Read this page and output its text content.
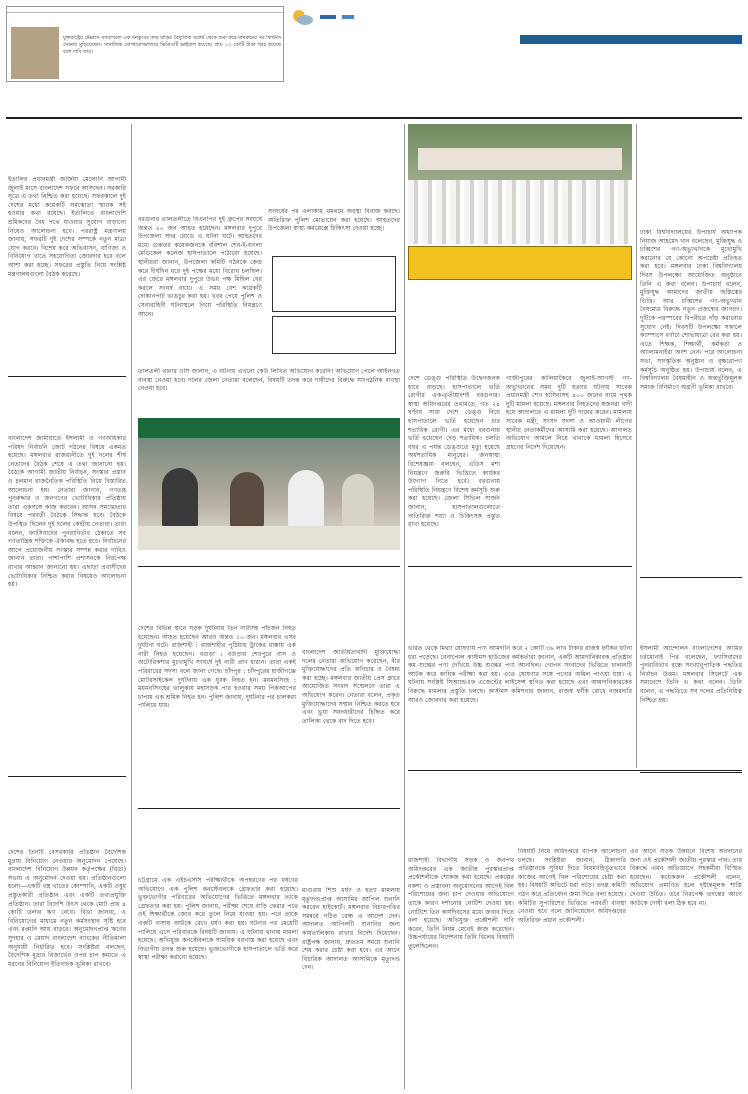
যুক্তরাষ্ট্রের টেক্সাসে বসবাসরত এক ধনকুবের তার বাড়ির বৈদ্যুতিক সকেট থেকে শুরু করে বাথরুমের সব ফিটিংস সোনায় মুড়িয়েছেন। সামাজিক যোগাযোগমাধ্যমে ভিডিওটি ভাইরাল হয়েছে। প্রায় ১২ কোটি টাকা খরচ হয়েছে বলে দাবি তার।
ইতালির প্রধানমন্ত্রী জর্জিয়া মেলোনি আগামী জুলাই মাসে বাংলাদেশ সফরে আসছেন। সরকারি সূত্রে এ তথ্য নিশ্চিত করা হয়েছে। সফরকালে দুই দেশের মধ্যে কয়েকটি সমঝোতা স্মারক সই হওয়ার কথা রয়েছে। ইতালিতে বাংলাদেশি শ্রমিকদের বৈধ পথে যাওয়ার সুযোগ বাড়ানো নিয়েও আলোচনা হবে। পররাষ্ট্র মন্ত্রণালয় জানায়, সফরটি দুই দেশের সম্পর্কে নতুন মাত্রা যোগ করবে। বিশেষ করে অভিবাসন, বাণিজ্য ও বিনিয়োগ খাতে সহযোগিতা জোরদার হবে বলে আশা করা হচ্ছে। সফরের প্রস্তুতি নিয়ে সংশ্লিষ্ট মন্ত্রণালয়গুলো বৈঠক করেছে।
বাংলাদেশ জামায়াতে ইসলামী ও গণঅধিকার পরিষদ নির্বাচনি জোট গঠনের বিষয়ে একমত হয়েছে। মঙ্গলবার রাজধানীতে দুই দলের শীর্ষ নেতাদের বৈঠক শেষে এ তথ্য জানানো হয়। বৈঠকে আগামী জাতীয় নির্বাচন, সংস্কার প্রস্তাব ও চলমান রাজনৈতিক পরিস্থিতি নিয়ে বিস্তারিত আলোচনা হয়। নেতারা জানান, গণতন্ত্র পুনরুদ্ধার ও জনগণের ভোটাধিকার প্রতিষ্ঠায় তারা একসঙ্গে কাজ করবেন। আসন সমঝোতার বিষয়ে পরবর্তী বৈঠকে সিদ্ধান্ত হবে। বৈঠকে উপস্থিত ছিলেন দুই দলের কেন্দ্রীয় নেতারা। তারা বলেন, ফ্যাসিবাদের পুনরাবির্ভাব ঠেকাতে সব গণতান্ত্রিক শক্তিকে ঐক্যবদ্ধ হতে হবে। নির্বাচনের আগে প্রয়োজনীয় সংস্কার সম্পন্ন করার দাবিও জানান তারা। পাশাপাশি প্রশাসনকে নিরপেক্ষ রাখার আহ্বান জানানো হয়। এছাড়া প্রবাসীদের ভোটাধিকার নিশ্চিত করার বিষয়েও আলোচনা হয়।
দেশের তিনটি বেসরকারি প্রতিষ্ঠান বৈদেশিক মুদ্রায় বিনিয়োগ নেওয়ার অনুমোদন পেয়েছে। বাংলাদেশ বিনিয়োগ উন্নয়ন কর্তৃপক্ষের (বিডা) সভায় এ অনুমোদন দেওয়া হয়। প্রতিষ্ঠানগুলো হলো—একটি বস্ত্র খাতের কোম্পানি, একটি ওষুধ প্রস্তুতকারী প্রতিষ্ঠান এবং একটি তথ্যপ্রযুক্তি প্রতিষ্ঠান। তারা বিদেশি উৎস থেকে মোট প্রায় ৪ কোটি ডলার ঋণ নেবে। বিডা জানায়, এ বিনিয়োগের মাধ্যমে নতুন কর্মসংস্থান সৃষ্টি হবে এবং রপ্তানি আয় বাড়বে। অনুমোদনপ্রাপ্ত ঋণের সুদহার ও মেয়াদ বাংলাদেশ ব্যাংকের নীতিমালা অনুযায়ী নির্ধারিত হবে। সংশ্লিষ্টরা বলছেন, বৈদেশিক মুদ্রার রিজার্ভের ওপর চাপ কমাতে এ ধরনের বিনিয়োগ ইতিবাচক ভূমিকা রাখবে।
বরগুনার তালতলীতে বিএনপির দুই গ্রুপের সংঘর্ষে অন্তত ২০ জন আহত হয়েছেন। মঙ্গলবার দুপুরে উপজেলা সদর রোডে এ ঘটনা ঘটে। আহতদের মধ্যে গুরুতর কয়েকজনকে বরিশাল শের-ই-বাংলা মেডিকেল কলেজ হাসপাতালে পাঠানো হয়েছে। স্থানীয়রা জানান, উপজেলা কমিটি গঠনকে কেন্দ্র করে দীর্ঘদিন ধরে দুই পক্ষের মধ্যে বিরোধ চলছিল। এর জেরে মঙ্গলবার দুপুরে উভয় পক্ষ মিছিল বের করলে সংঘর্ষ বাধে। এ সময় বেশ কয়েকটি দোকানপাট ভাঙচুর করা হয়। খবর পেয়ে পুলিশ ও সেনাবাহিনী ঘটনাস্থলে গিয়ে পরিস্থিতি নিয়ন্ত্রণে আনে।
সংঘর্ষের পর এলাকায় থমথমে অবস্থা বিরাজ করছে। অতিরিক্ত পুলিশ মোতায়েন করা হয়েছে। আহতদের উপজেলা স্বাস্থ্য কমপ্লেক্সে চিকিৎসা দেওয়া হচ্ছে।
তালতলী থানার ওসি জানান, এ ঘটনায় এখনো কেউ লিখিত অভিযোগ করেনি। অভিযোগ পেলে আইনগত ব্যবস্থা নেওয়া হবে। দলের জেলা নেতারা বলেছেন, বিষয়টি তদন্ত করে দায়ীদের বিরুদ্ধে সাংগঠনিক ব্যবস্থা নেওয়া হবে।
দেশের বিভিন্ন স্থানে সড়ক দুর্ঘটনায় তিন নারীসহ পাঁচজন নিহত হয়েছেন। আহত হয়েছেন আরও অন্তত ১০ জন। মঙ্গলবার এসব দুর্ঘটনা ঘটে। রাজশাহী : রাজশাহীর পুঠিয়ায় ট্রাকের ধাক্কায় এক নারী নিহত হয়েছেন। বগুড়া : বগুড়ার শেরপুরে বাস ও অটোরিকশার মুখোমুখি সংঘর্ষে দুই নারী প্রাণ হারান। তারা একই পরিবারের সদস্য বলে জানা গেছে। চাঁদপুর : চাঁদপুরের হাজীগঞ্জে মোটরসাইকেল দুর্ঘটনায় এক যুবক নিহত হন। ময়মনসিংহ : ময়মনসিংহের ভালুকায় মহাসড়ক পার হওয়ার সময় পিকআপের চাপায় এক শ্রমিক নিহত হন। পুলিশ জানায়, দুর্ঘটনার পর চালকরা পালিয়ে যায়।
বাংলাদেশ জাতীয়তাবাদী মুক্তিযোদ্ধা দলের নেতারা অভিযোগ করেছেন, বীর মুক্তিযোদ্ধাদের প্রতি অবিচার ও বৈষম্য করা হচ্ছে। মঙ্গলবার জাতীয় প্রেস ক্লাবে আয়োজিত সংবাদ সম্মেলনে তারা এ অভিযোগ করেন। নেতারা বলেন, প্রকৃত মুক্তিযোদ্ধাদের সম্মান নিশ্চিত করতে হবে এবং ভুয়া সনদধারীদের চিহ্নিত করে তালিকা থেকে বাদ দিতে হবে।
চট্টগ্রামে এক এইচএসসি পরীক্ষার্থীকে অপহরণের পর ধর্ষণের অভিযোগে এক পুলিশ কনস্টেবলকে গ্রেফতার করা হয়েছে। ভুক্তভোগীর পরিবারের অভিযোগের ভিত্তিতে মঙ্গলবার তাকে গ্রেফতার করা হয়। পুলিশ জানায়, পরীক্ষা শেষে বাড়ি ফেরার পথে ওই শিক্ষার্থীকে জোর করে তুলে নিয়ে যাওয়া হয়। পরে তাকে একটি বাসায় আটকে রেখে ধর্ষণ করা হয়। ঘটনার পর মেয়েটি পালিয়ে এসে পরিবারকে বিষয়টি জানায়। এ ঘটনায় থানায় মামলা হয়েছে। অভিযুক্ত কনস্টেবলকে সাময়িক বরখাস্ত করা হয়েছে এবং বিভাগীয় তদন্ত শুরু হয়েছে। ভুক্তভোগীকে হাসপাতালে ভর্তি করে স্বাস্থ্য পরীক্ষা করানো হয়েছে।
মাগুরায় শিশু ধর্ষণ ও হত্যা মামলায় মৃত্যুদণ্ডপ্রাপ্ত আসামির আপিল শুনানি করবেন হাইকোর্ট। মঙ্গলবার বিচারপতির সমন্বয়ে গঠিত বেঞ্চ এ আদেশ দেন। আদালত আপিলটি শুনানির জন্য কার্যতালিকায় রাখার নির্দেশ দিয়েছেন। রাষ্ট্রপক্ষ জানায়, দ্রুততম সময়ে শুনানি শেষ করার চেষ্টা করা হবে। এর আগে বিচারিক আদালত আসামিকে মৃত্যুদণ্ড দেন।
দেশে ডেঙ্গু পরিস্থিতি উদ্বেগজনক হারে বাড়ছে। হাসপাতালে ভর্তি রোগীর এক-তৃতীয়াংশই বরগুনার। স্বাস্থ্য অধিদপ্তরের তথ্যমতে, গত ২৪ ঘণ্টায় সারা দেশে ডেঙ্গু নিয়ে হাসপাতালে ভর্তি হয়েছেন চার শতাধিক রোগী। এর মধ্যে বরগুনায় ভর্তি হয়েছেন দেড় শতাধিক। চলতি বছর এ পর্যন্ত ডেঙ্গুতে মৃত্যু হয়েছে অর্ধশতাধিক মানুষের। জনস্বাস্থ্য বিশেষজ্ঞরা বলছেন, এডিস মশা নিয়ন্ত্রণে জরুরি ভিত্তিতে কার্যকর উদ্যোগ নিতে হবে। বরগুনায় পরিস্থিতি নিয়ন্ত্রণে বিশেষ কর্মসূচি শুরু করা হয়েছে। জেলা সিভিল সার্জন জানান, হাসপাতালগুলোতে অতিরিক্ত শয্যা ও চিকিৎসক প্রস্তুত রাখা হয়েছে।
গাজীপুরের কালিয়াকৈরে জুলাই-আগস্ট গণ-অভ্যুত্থানের সময় দুটি হত্যার ঘটনায় সাবেক প্রধানমন্ত্রী শেখ হাসিনাসহ ৪০০ জনের নামে পৃথক দুটি মামলা হয়েছে। মঙ্গলবার নিহতদের স্বজনরা বাদী হয়ে আদালতে এ মামলা দুটি দায়ের করেন। মামলায় সাবেক মন্ত্রী, সংসদ সদস্য ও আওয়ামী লীগের স্থানীয় নেতাকর্মীদের আসামি করা হয়েছে। আদালত অভিযোগ আমলে নিয়ে থানাকে মামলা হিসেবে গ্রহণের নির্দেশ দিয়েছেন।
ভারত থেকে মিথ্যা ঘোষণায় পণ্য আমদানি করে ২ কোটি ৩৬ লাখ টাকার রাজস্ব ফাঁকির ঘটনা ধরা পড়েছে। বেনাপোল কাস্টমস হাউজের কর্মকর্তারা জানান, একটি আমদানিকারক প্রতিষ্ঠান কম শুল্কের পণ্য দেখিয়ে উচ্চ শুল্কের পণ্য আনছিল। গোপন সংবাদের ভিত্তিতে চালানটি আটক করে কায়িক পরীক্ষা করা হয়। এতে ঘোষণার সঙ্গে পণ্যের অমিল পাওয়া যায়। এ ঘটনায় সংশ্লিষ্ট সিঅ্যান্ডএফ এজেন্টের লাইসেন্স স্থগিত করা হয়েছে এবং আমদানিকারকের বিরুদ্ধে মামলার প্রস্তুতি চলছে। কাস্টমস কমিশনার জানান, রাজস্ব ফাঁকি রোধে নজরদারি আরও জোরদার করা হয়েছে।
রাজশাহী বিভাগীয় সড়ক ও জনপথ অধিদপ্তরের এক জাতীয় পুরস্কারপ্রাপ্ত প্রকৌশলীকে শোকজ করা হয়েছে। প্রকল্পের নকশা ও প্রস্তাবনা অনুমোদনের আগেই বিল পরিশোধের জন্য চাপ দেওয়ার অভিযোগে তাকে কারণ দর্শানোর নোটিশ দেওয়া হয়। নোটিশে তিন কার্যদিবসের মধ্যে জবাব দিতে বলা হয়েছে। অভিযুক্ত প্রকৌশলী দাবি করেন, তিনি নিয়ম মেনেই কাজ করেছেন। উচ্চপর্যায়ের নির্দেশনায় তিনি বিলের বিষয়টি তুলেছিলেন।
বিষয়টি নিয়ে অধিদপ্তরে ব্যাপক আলোচনা চলছে। সংশ্লিষ্টরা জানান, ঠিকাদারি প্রতিষ্ঠানকে সুবিধা দিতে নিয়মবহির্ভূতভাবে কাজের আগেই বিল পরিশোধের চেষ্টা করা হয়। বিষয়টি অডিটে ধরা পড়ে। তদন্ত কমিটি গঠন করে প্রতিবেদন জমা দিতে বলা হয়েছে। কমিটির সুপারিশের ভিত্তিতে পরবর্তী ব্যবস্থা নেওয়া হবে বলে জানিয়েছেন অধিদপ্তরের অতিরিক্ত প্রধান প্রকৌশলী।
এর আগে সড়ক উন্নয়নে বিশেষ অবদানের জন্য ওই প্রকৌশলী জাতীয় পুরস্কার পান। তার বিরুদ্ধে এমন অভিযোগে সহকর্মীরা বিস্মিত হয়েছেন। কয়েকজন প্রকৌশলী বলেন, অভিযোগ প্রমাণিত হলে দৃষ্টান্তমূলক শাস্তি দেওয়া উচিত। তবে নিরপেক্ষ তদন্তের আগে কাউকে দোষী বলা ঠিক হবে না।
ঢাকা বিশ্ববিদ্যালয়ের উপাচার্য অধ্যাপক নিয়াজ আহমেদ খান বলেছেন, মুক্তিযুদ্ধ ও চব্বিশের গণ-অভ্যুত্থানকে মুখোমুখি করানোর যে কোনো অপচেষ্টা প্রতিহত করা হবে। মঙ্গলবার ঢাকা বিশ্ববিদ্যালয় দিবস উপলক্ষ্যে আয়োজিত অনুষ্ঠানে তিনি এ কথা বলেন। উপাচার্য বলেন, মুক্তিযুদ্ধ আমাদের জাতীয় অস্তিত্বের ভিত্তি। আর চব্বিশের গণ-অভ্যুত্থান বৈষম্যের বিরুদ্ধে নতুন প্রজন্মের জাগরণ। দুটিকে পরস্পরের বিপরীতে দাঁড় করানোর সুযোগ নেই। দিবসটি উপলক্ষ্যে সকালে ক্যাম্পাসে বর্ণাঢ্য শোভাযাত্রা বের করা হয়। এতে শিক্ষক, শিক্ষার্থী, কর্মকর্তা ও অ্যালামনাইরা অংশ নেন। পরে আলোচনা সভা, সাংস্কৃতিক অনুষ্ঠান ও বৃক্ষরোপণ কর্মসূচি অনুষ্ঠিত হয়। উপাচার্য বলেন, এ বিশ্ববিদ্যালয় বৈষম্যহীন ও অন্তর্ভুক্তিমূলক সমাজ বিনির্মাণে অগ্রণী ভূমিকা রাখবে।
ইসলামী আন্দোলন বাংলাদেশের আমির চরমোনাই পির বলেছেন, ফ্যাসিবাদের পুনরাবির্ভাব বন্ধে সংখ্যানুপাতিক পদ্ধতির নির্বাচন উত্তম। মঙ্গলবার সিলেটে এক সমাবেশে তিনি এ কথা বলেন। তিনি বলেন, এ পদ্ধতিতে সব দলের প্রতিনিধিত্ব নিশ্চিত হয়।
